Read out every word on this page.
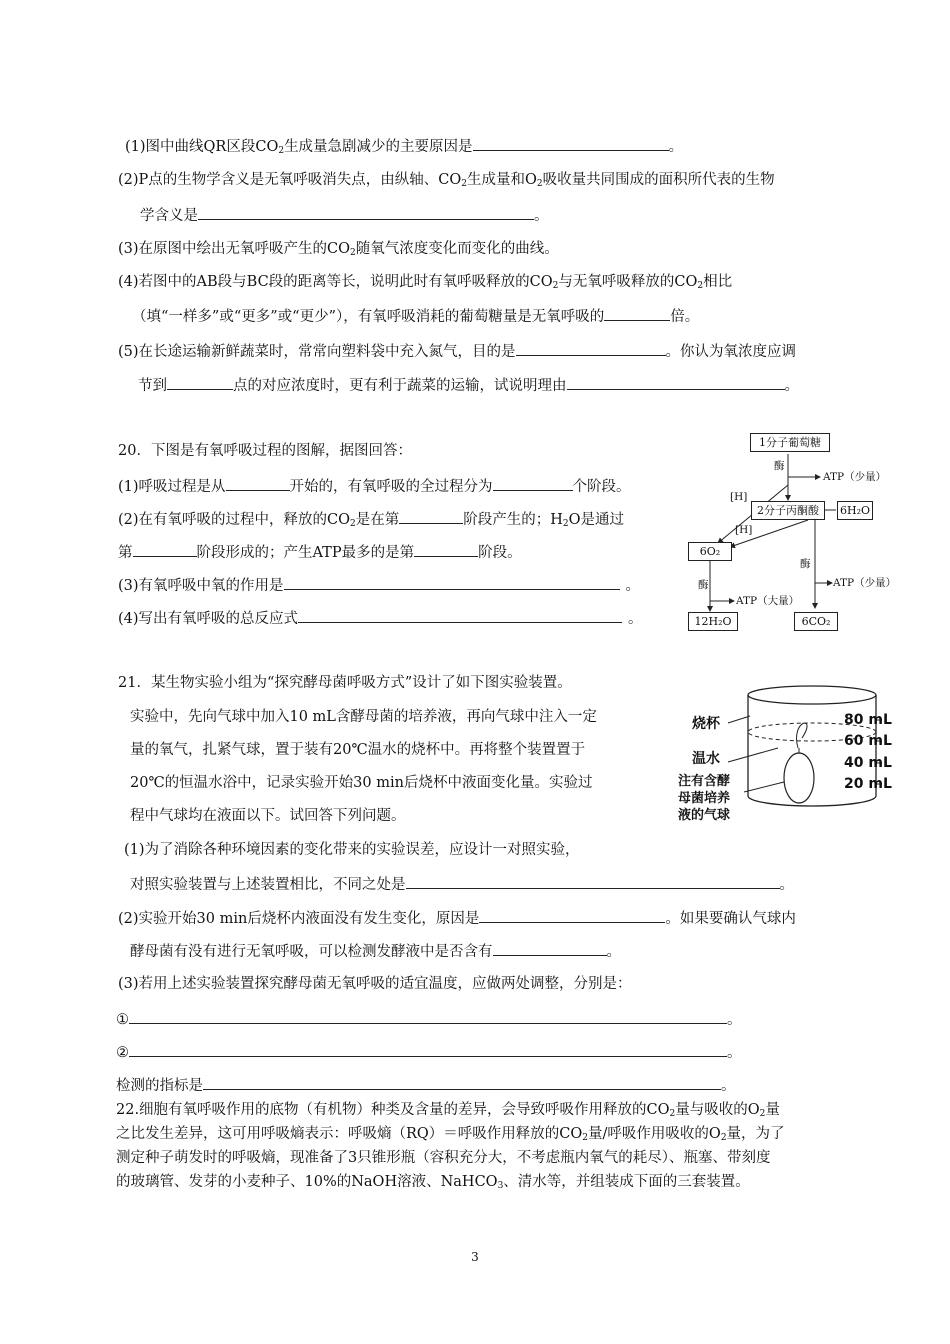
(1)图中曲线QR区段$CO_2$生成量急剧减少的主要原因是	。
(2)P点的生物学含义是无氧呼吸消失点，由纵轴、$CO_2$生成量和$O_2$吸收量共同围成的面积所代表的生物
学含义是	。
(3)在原图中绘出无氧呼吸产生的$CO_2$随氧气浓度变化而变化的曲线。
(4)若图中的AB段与BC段的距离等长，说明此时有氧呼吸释放的$CO_2$与无氧呼吸释放的$CO_2$相比
（填“一样多”或“更多”或“更少”），有氧呼吸消耗的葡萄糖量是无氧呼吸的	倍。
(5)在长途运输新鲜蔬菜时，常常向塑料袋中充入氮气，目的是	。你认为氧浓度应调
节到	点的对应浓度时，更有利于蔬菜的运输，试说明理由	。
20．下图是有氧呼吸过程的图解，据图回答：
(1)呼吸过程是从	开始的，有氧呼吸的全过程分为	个阶段。
(2)在有氧呼吸的过程中，释放的$CO_2$是在第	阶段产生的；$H_2O$是通过
第	阶段形成的；产生ATP最多的是第	阶段。
(3)有氧呼吸中氧的作用是	。
(4)写出有氧呼吸的总反应式	。
1分子葡萄糖
酶
ATP（少量）
[H]
2分子丙酮酸	6H₂O
[H]
6O₂
酶
ATP（少量）
酶
ATP（大量）
12H₂O	6CO₂
21．某生物实验小组为“探究酵母菌呼吸方式”设计了如下图实验装置。
实验中，先向气球中加入10 mL含酵母菌的培养液，再向气球中注入一定
量的氧气，扎紧气球，置于装有20℃温水的烧杯中。再将整个装置置于
20℃的恒温水浴中，记录实验开始30 min后烧杯中液面变化量。实验过
程中气球均在液面以下。试回答下列问题。
(1)为了消除各种环境因素的变化带来的实验误差，应设计一对照实验，
对照实验装置与上述装置相比，不同之处是	。
(2)实验开始30 min后烧杯内液面没有发生变化，原因是	。如果要确认气球内
酵母菌有没有进行无氧呼吸，可以检测发酵液中是否含有	。
(3)若用上述实验装置探究酵母菌无氧呼吸的适宜温度，应做两处调整，分别是：
①	。
②	。
检测的指标是	。
烧杯
温水
注有含酵
母菌培养
液的气球
80 mL
60 mL
40 mL
20 mL
22.细胞有氧呼吸作用的底物（有机物）种类及含量的差异，会导致呼吸作用释放的$CO_2$量与吸收的$O_2$量
之比发生差异，这可用呼吸熵表示：呼吸熵（RQ）＝呼吸作用释放的$CO_2$量/呼吸作用吸收的$O_2$量，为了
测定种子萌发时的呼吸熵，现准备了3只锥形瓶（容积充分大，不考虑瓶内氧气的耗尽）、瓶塞、带刻度
的玻璃管、发芽的小麦种子、10%的NaOH溶液、NaHCO$_3$、清水等，并组装成下面的三套装置。
3
